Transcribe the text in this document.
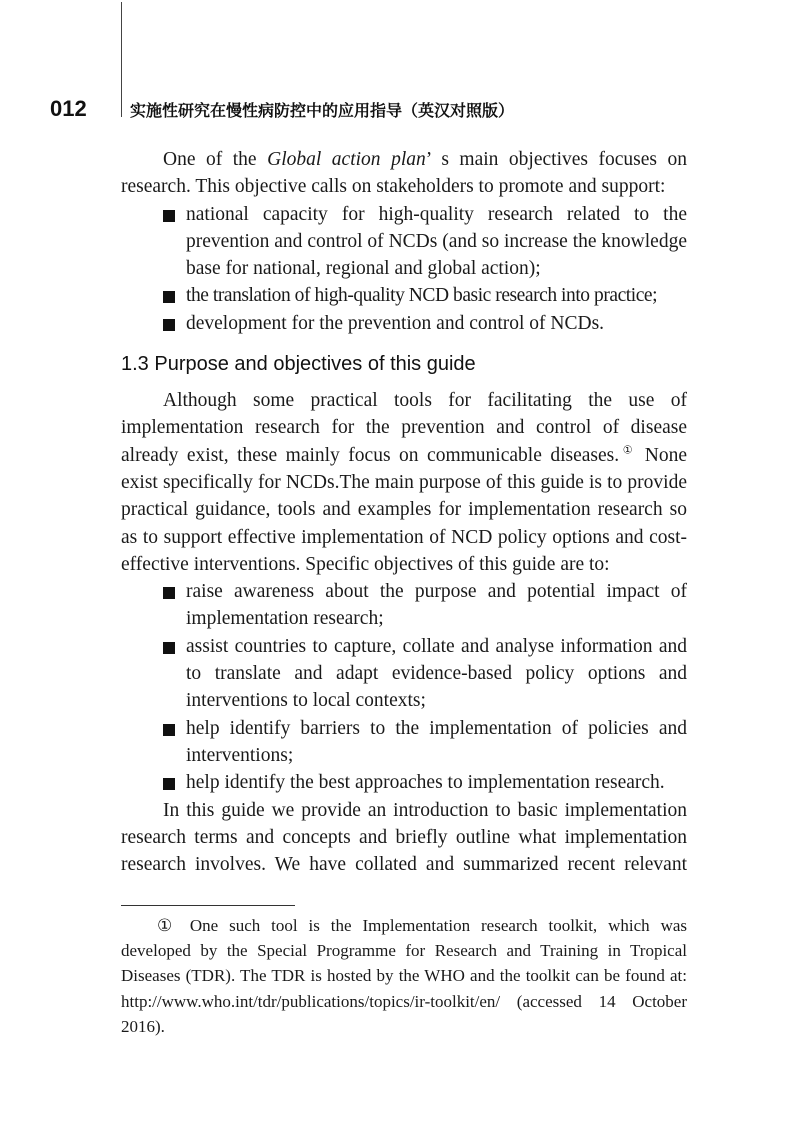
012	实施性研究在慢性病防控中的应用指导（英汉对照版）

One of the Global action plan’ s main objectives focuses on research. This objective calls on stakeholders to promote and support:

national capacity for high-quality research related to the prevention and control of NCDs (and so increase the knowledge base for national, regional and global action);
the translation of high-quality NCD basic research into practice;
development for the prevention and control of NCDs.
1.3 Purpose and objectives of this guide

Although some practical tools for facilitating the use of implementation research for the prevention and control of disease already exist, these mainly focus on communicable diseases.① None exist specifically for NCDs.The main purpose of this guide is to provide practical guidance, tools and examples for implementation research so as to support effective implementation of NCD policy options and cost-effective interventions. Specific objectives of this guide are to:

raise awareness about the purpose and potential impact of implementation research;
assist countries to capture, collate and analyse information and to translate and adapt evidence-based policy options and interventions to local contexts;
help identify barriers to the implementation of policies and interventions;
help identify the best approaches to implementation research.

In this guide we provide an introduction to basic implementation research terms and concepts and briefly outline what implementation research involves. We have collated and summarized recent relevant

① One such tool is the Implementation research toolkit, which was developed by the Special Programme for Research and Training in Tropical Diseases (TDR). The TDR is hosted by the WHO and the toolkit can be found at: http://www.who.int/tdr/publications/topics/ir-toolkit/en/ (accessed 14 October 2016).
